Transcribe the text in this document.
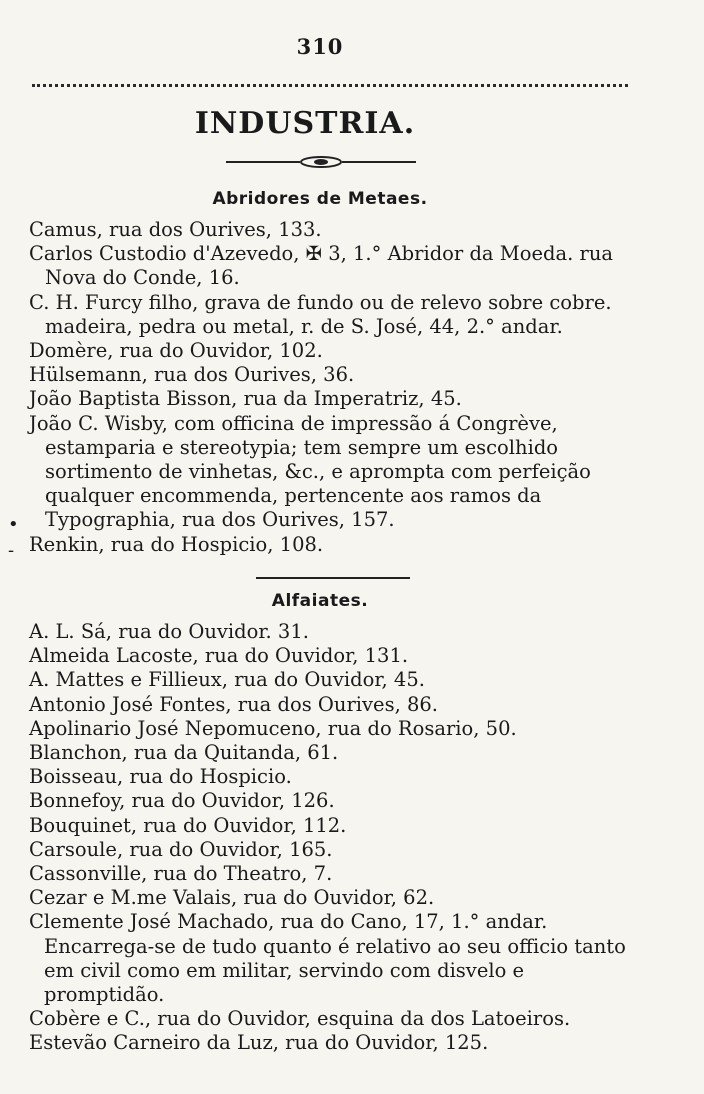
310
INDUSTRIA.
Abridores de Metaes.
Camus, rua dos Ourives, 133.
Carlos Custodio d'Azevedo, ✠ 3, 1.° Abridor da Moeda. rua Nova do Conde, 16.
C. H. Furcy filho, grava de fundo ou de relevo sobre cobre. madeira, pedra ou metal, r. de S. José, 44, 2.° andar.
Domère, rua do Ouvidor, 102.
Hülsemann, rua dos Ourives, 36.
João Baptista Bisson, rua da Imperatriz, 45.
João C. Wisby, com officina de impressão á Congrève, estamparia e stereotypia; tem sempre um escolhido sortimento de vinhetas, &c., e apromptа com perfeição qualquer encommenda, pertencente aos ramos da Typographia, rua dos Ourives, 157.
Renkin, rua do Hospicio, 108.
Alfaiates.
A. L. Sá, rua do Ouvidor. 31.
Almeida Lacoste, rua do Ouvidor, 131.
A. Mattes e Fillieux, rua do Ouvidor, 45.
Antonio José Fontes, rua dos Ourives, 86.
Apolinario José Nepomuceno, rua do Rosario, 50.
Blanchon, rua da Quitanda, 61.
Boisseau, rua do Hospicio.
Bonnefoy, rua do Ouvidor, 126.
Bouquinet, rua do Ouvidor, 112.
Carsoule, rua do Ouvidor, 165.
Cassonville, rua do Theatro, 7.
Cezar e M.me Valais, rua do Ouvidor, 62.
Clemente José Machado, rua do Cano, 17, 1.° andar. Encarrega-se de tudo quanto é relativo ao seu officio tanto em civil como em militar, servindo com disvelo e promptidão.
Cobère e C., rua do Ouvidor, esquina da dos Latoeiros.
Estevão Carneiro da Luz, rua do Ouvidor, 125.
•
-
